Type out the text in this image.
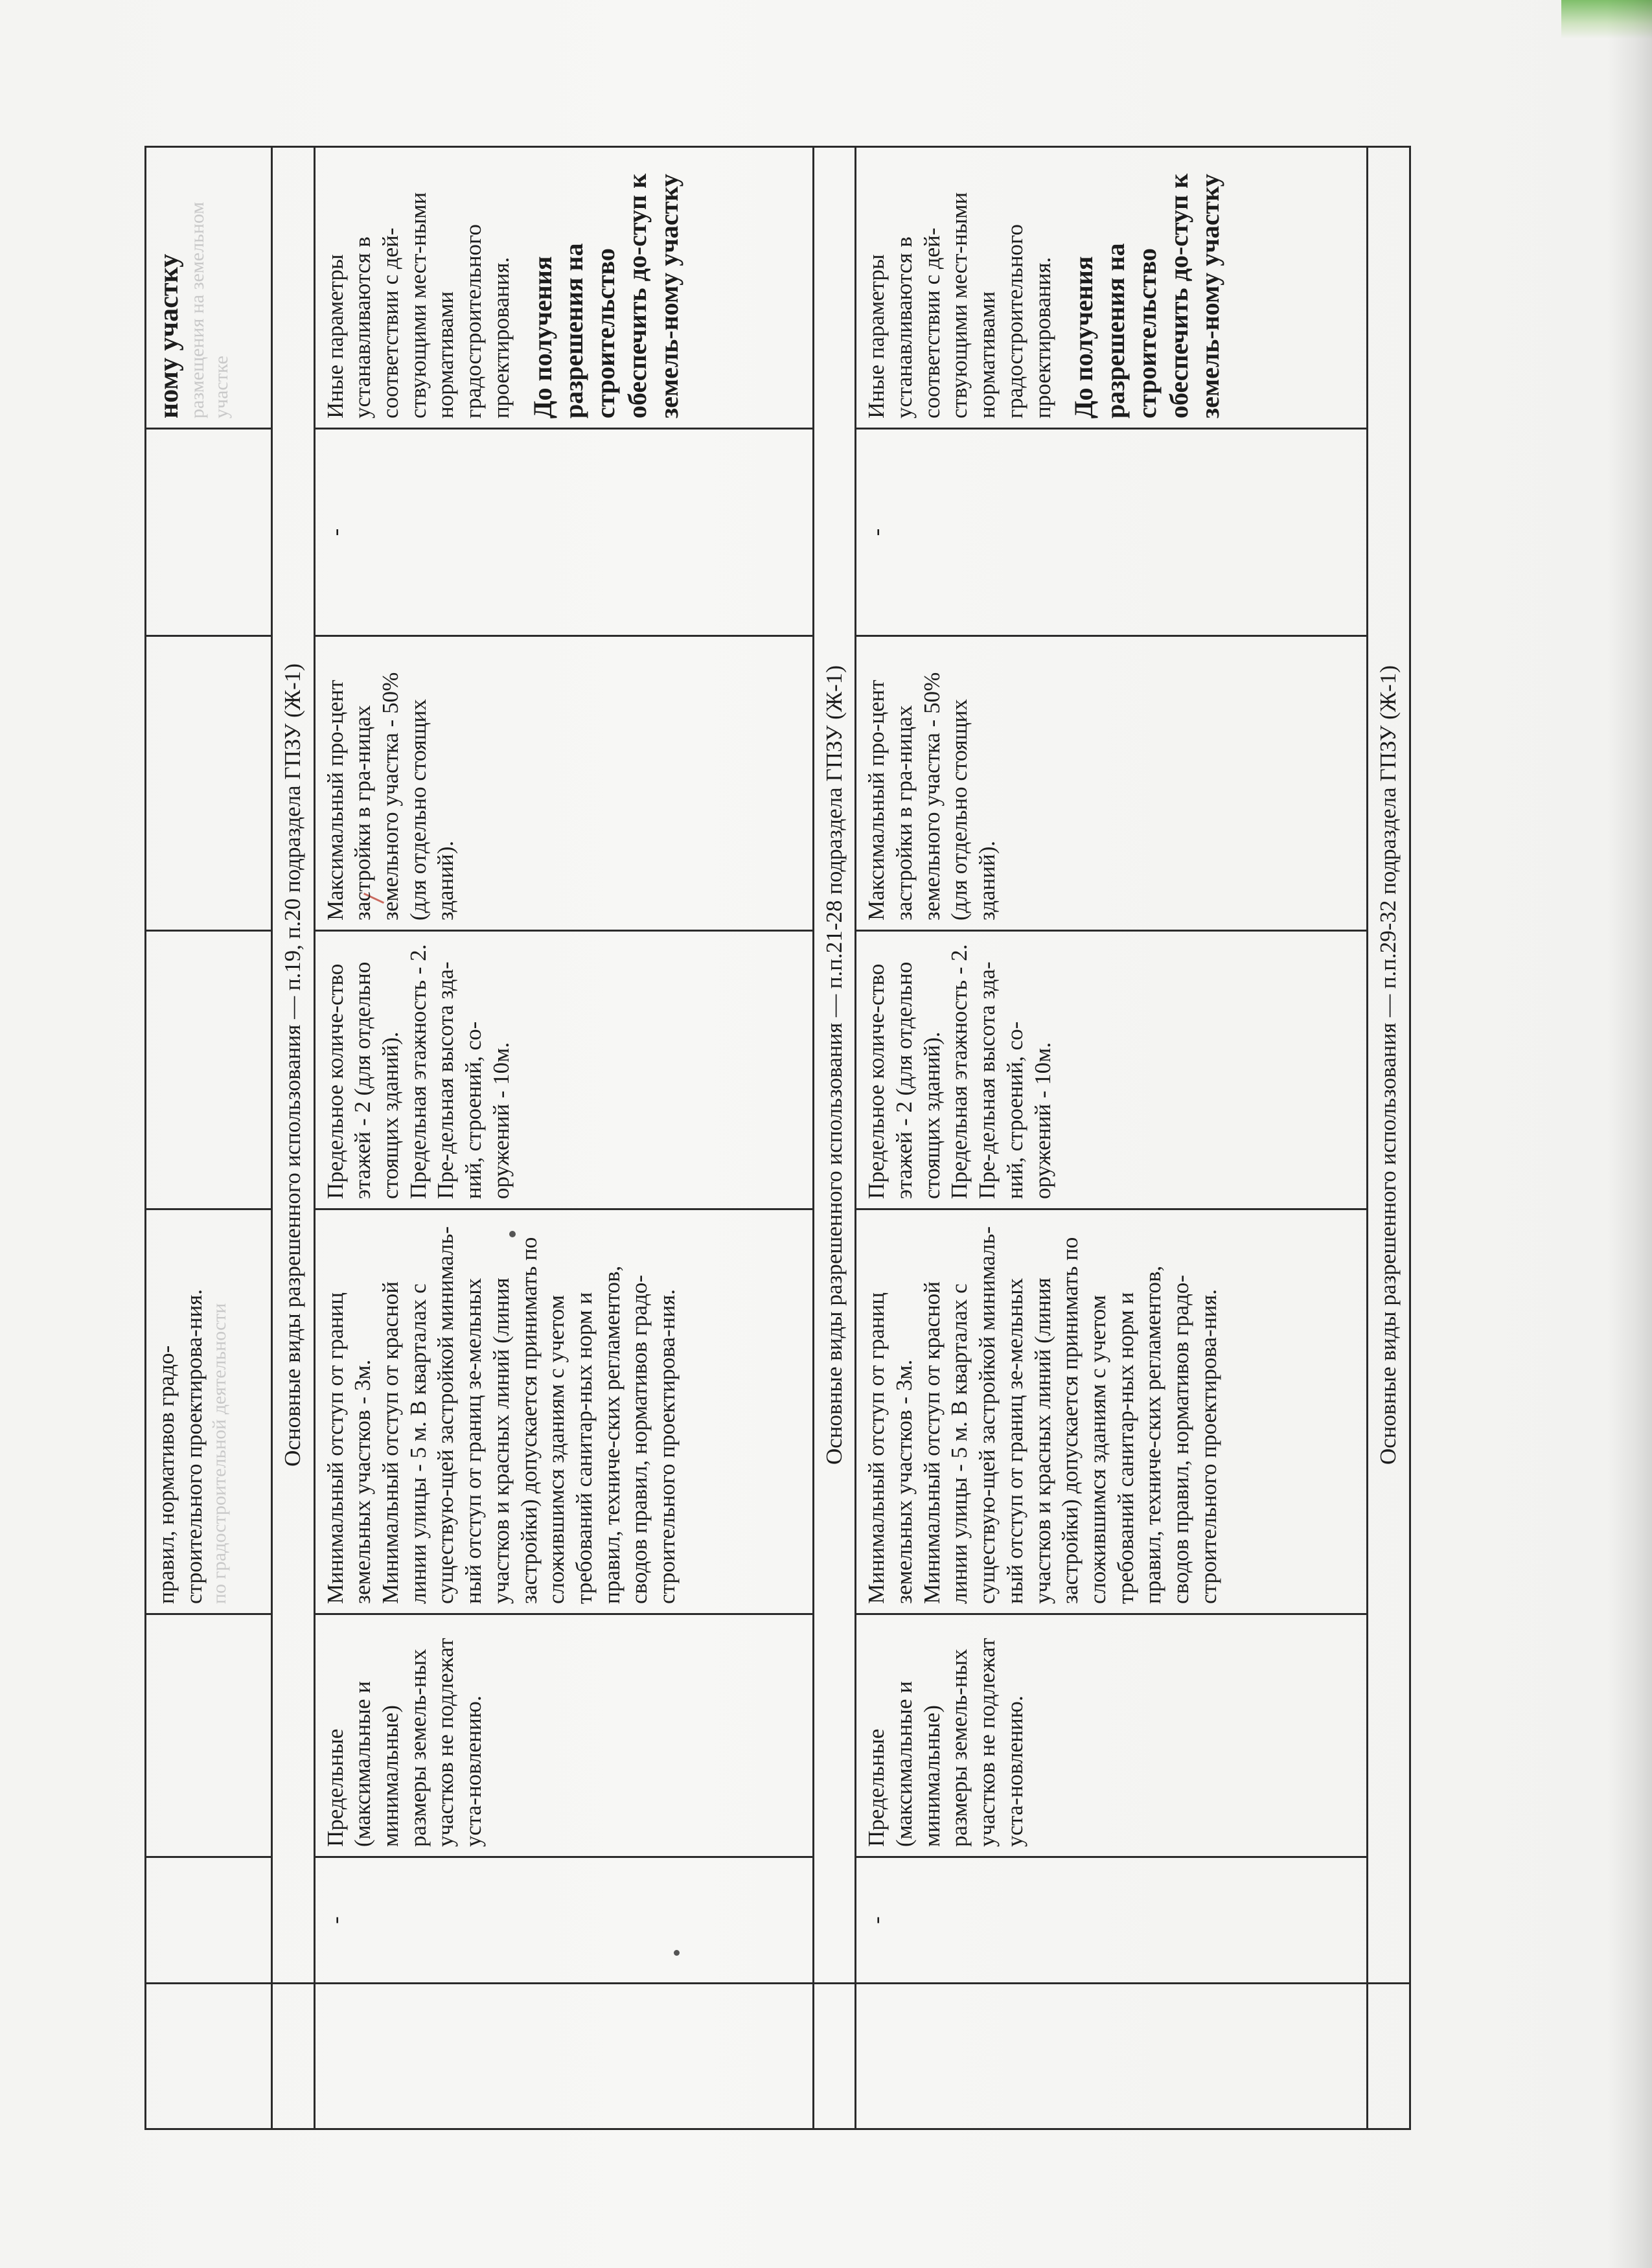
			правил, нормативов градо-строительного проектирова-ния. по градостроительной деятельности				ному участку размещения на земельном участке

	Основные виды разрешенного использования — п.19, п.20 подраздела ГПЗУ (Ж-1)						
	-	Предельные (максимальные и минимальные) размеры земель-ных участков не подлежат уста-новлению.	Минимальный отступ от границ земельных участков - 3м. Минимальный отступ от красной линии улицы - 5 м. В кварталах с существую-щей застройкой минималь-ный отступ от границ зе-мельных участков и красных линий (линия застройки) допускается принимать по сложившимся зданиям с учетом требований санитар-ных норм и правил, техниче-ских регламентов, сводов правил, нормативов градо-строительного проектирова-ния.	Предельное количе-ство этажей - 2 (для отдельно стоящих зданий). Предельная этажность - 2. Пре-дельная высота зда-ний, строений, со-оружений - 10м.	Максимальный про-цент застройки в гра-ницах земельного участка - 50% (для отдельно стоящих зданий).	-	Иные параметры устанавливаются в соответствии с дей-ствующими мест-ными нормативами градостроительного проектирования. До получения разрешения на строительство обеспечить до-ступ к земель-ному участку

	Основные виды разрешенного использования — п.п.21-28 подраздела ГПЗУ (Ж-1)						
	-	Предельные (максимальные и минимальные) размеры земель-ных участков не подлежат уста-новлению.	Минимальный отступ от границ земельных участков - 3м. Минимальный отступ от красной линии улицы - 5 м. В кварталах с существую-щей застройкой минималь-ный отступ от границ зе-мельных участков и красных линий (линия застройки) допускается принимать по сложившимся зданиям с учетом требований санитар-ных норм и правил, техниче-ских регламентов, сводов правил, нормативов градо-строительного проектирова-ния.	Предельное количе-ство этажей - 2 (для отдельно стоящих зданий). Предельная этажность - 2. Пре-дельная высота зда-ний, строений, со-оружений - 10м.	Максимальный про-цент застройки в гра-ницах земельного участка - 50% (для отдельно стоящих зданий).	-	Иные параметры устанавливаются в соответствии с дей-ствующими мест-ными нормативами градостроительного проектирования. До получения разрешения на строительство обеспечить до-ступ к земель-ному участку

	Основные виды разрешенного использования — п.п.29-32 подраздела ГПЗУ (Ж-1)						
